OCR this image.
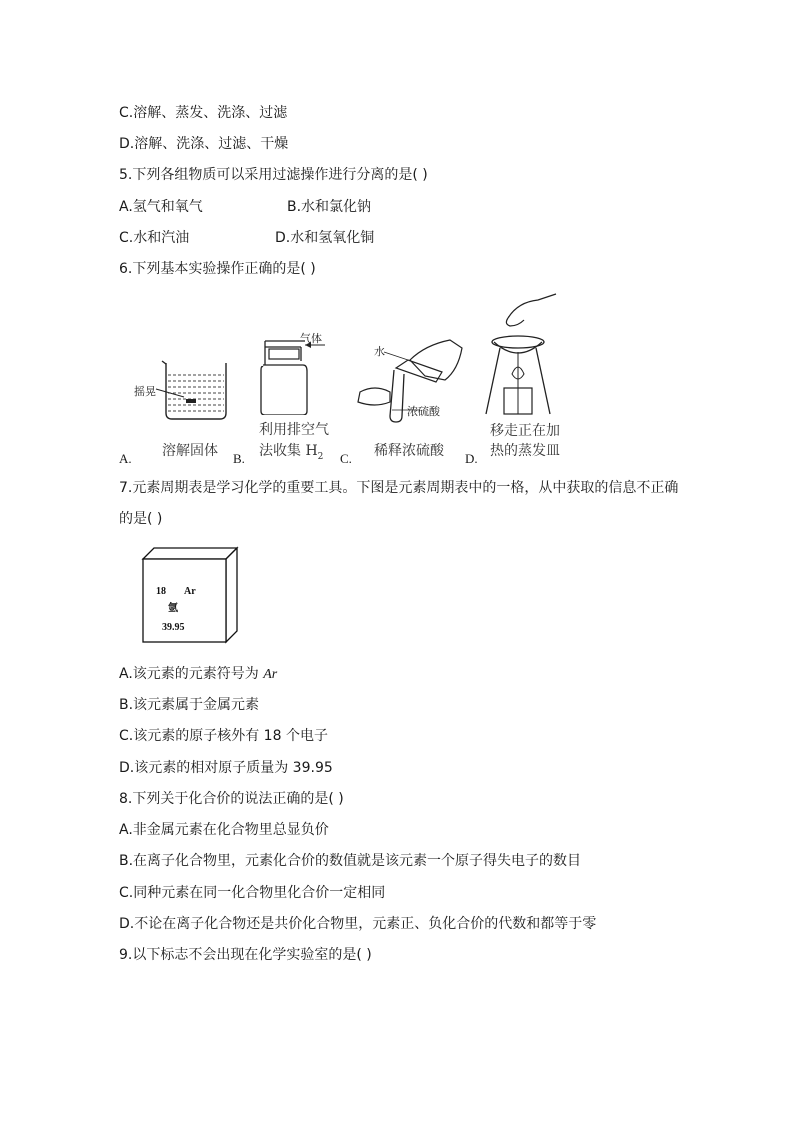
C.溶解、蒸发、洗涤、过滤
D.溶解、洗涤、过滤、干燥
5.下列各组物质可以采用过滤操作进行分离的是( )
A.氢气和氧气	B.水和氯化钠
C.水和汽油	D.水和氢氧化铜
6.下列基本实验操作正确的是( )
A.
摇晃
溶解固体 B.
气体
利用排空气
法收集 $H_2$ C.
水
浓硫酸
稀释浓硫酸 D.
移走正在加
热的蒸发皿
7.元素周期表是学习化学的重要工具。下图是元素周期表中的一格，从中获取的信息不正确
的是( )
18 Ar
氩
39.95
A.该元素的元素符号为 Ar
B.该元素属于金属元素
C.该元素的原子核外有 18 个电子
D.该元素的相对原子质量为 39.95
8.下列关于化合价的说法正确的是( )
A.非金属元素在化合物里总显负价
B.在离子化合物里，元素化合价的数值就是该元素一个原子得失电子的数目
C.同种元素在同一化合物里化合价一定相同
D.不论在离子化合物还是共价化合物里，元素正、负化合价的代数和都等于零
9.以下标志不会出现在化学实验室的是( )
